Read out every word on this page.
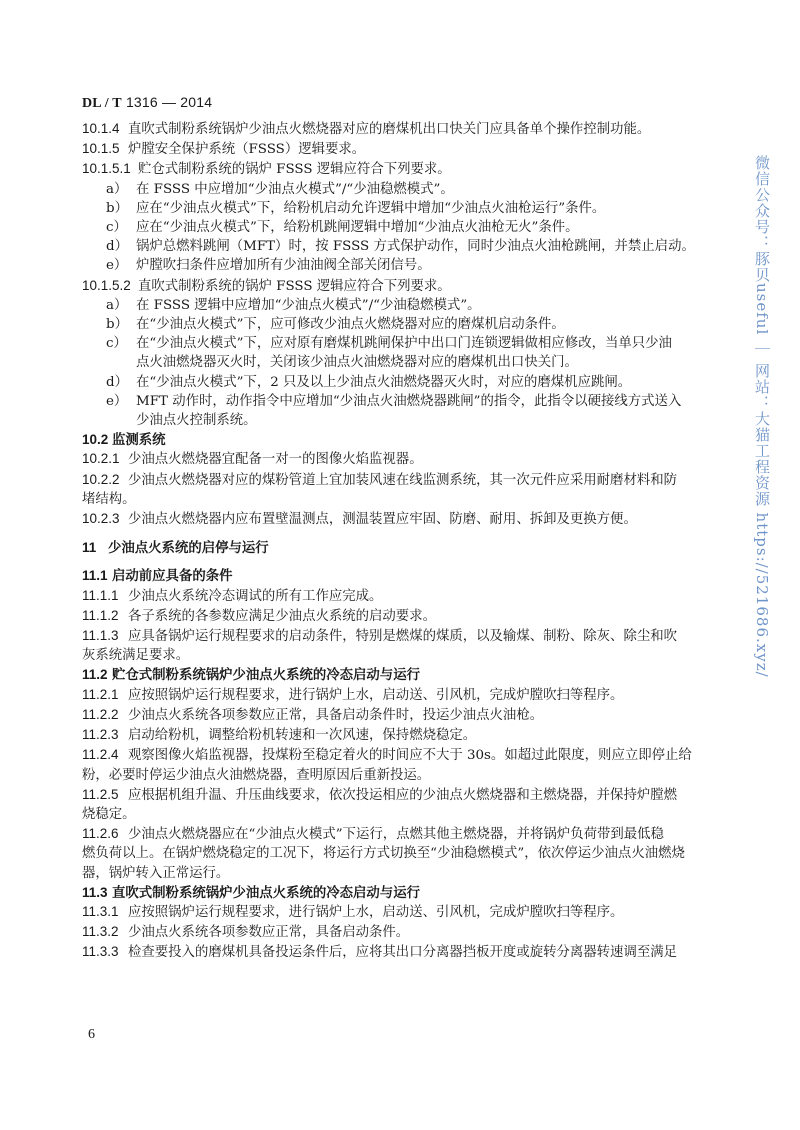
DL / T 1316 — 2014
10.1.4 直吹式制粉系统锅炉少油点火燃烧器对应的磨煤机出口快关门应具备单个操作控制功能。
10.1.5 炉膛安全保护系统（FSSS）逻辑要求。
10.1.5.1 贮仓式制粉系统的锅炉 FSSS 逻辑应符合下列要求。
a） 在 FSSS 中应增加“少油点火模式”/“少油稳燃模式”。
b） 应在“少油点火模式”下，给粉机启动允许逻辑中增加“少油点火油枪运行”条件。
c） 应在“少油点火模式”下，给粉机跳闸逻辑中增加“少油点火油枪无火”条件。
d） 锅炉总燃料跳闸（MFT）时，按 FSSS 方式保护动作，同时少油点火油枪跳闸，并禁止启动。
e） 炉膛吹扫条件应增加所有少油油阀全部关闭信号。
10.1.5.2 直吹式制粉系统的锅炉 FSSS 逻辑应符合下列要求。
a） 在 FSSS 逻辑中应增加“少油点火模式”/“少油稳燃模式”。
b） 在“少油点火模式”下，应可修改少油点火燃烧器对应的磨煤机启动条件。
c） 在“少油点火模式”下，应对原有磨煤机跳闸保护中出口门连锁逻辑做相应修改，当单只少油
点火油燃烧器灭火时，关闭该少油点火油燃烧器对应的磨煤机出口快关门。
d） 在“少油点火模式”下，2 只及以上少油点火油燃烧器灭火时，对应的磨煤机应跳闸。
e） MFT 动作时，动作指令中应增加“少油点火油燃烧器跳闸”的指令，此指令以硬接线方式送入
少油点火控制系统。
10.2 监测系统
10.2.1 少油点火燃烧器宜配备一对一的图像火焰监视器。
10.2.2 少油点火燃烧器对应的煤粉管道上宜加装风速在线监测系统，其一次元件应采用耐磨材料和防
堵结构。
10.2.3 少油点火燃烧器内应布置壁温测点，测温装置应牢固、防磨、耐用、拆卸及更换方便。
11 少油点火系统的启停与运行
11.1 启动前应具备的条件
11.1.1 少油点火系统冷态调试的所有工作应完成。
11.1.2 各子系统的各参数应满足少油点火系统的启动要求。
11.1.3 应具备锅炉运行规程要求的启动条件，特别是燃煤的煤质，以及输煤、制粉、除灰、除尘和吹
灰系统满足要求。
11.2 贮仓式制粉系统锅炉少油点火系统的冷态启动与运行
11.2.1 应按照锅炉运行规程要求，进行锅炉上水，启动送、引风机，完成炉膛吹扫等程序。
11.2.2 少油点火系统各项参数应正常，具备启动条件时，投运少油点火油枪。
11.2.3 启动给粉机，调整给粉机转速和一次风速，保持燃烧稳定。
11.2.4 观察图像火焰监视器，投煤粉至稳定着火的时间应不大于 30s。如超过此限度，则应立即停止给
粉，必要时停运少油点火油燃烧器，查明原因后重新投运。
11.2.5 应根据机组升温、升压曲线要求，依次投运相应的少油点火燃烧器和主燃烧器，并保持炉膛燃
烧稳定。
11.2.6 少油点火燃烧器应在“少油点火模式”下运行，点燃其他主燃烧器，并将锅炉负荷带到最低稳
燃负荷以上。在锅炉燃烧稳定的工况下，将运行方式切换至“少油稳燃模式”，依次停运少油点火油燃烧
器，锅炉转入正常运行。
11.3 直吹式制粉系统锅炉少油点火系统的冷态启动与运行
11.3.1 应按照锅炉运行规程要求，进行锅炉上水，启动送、引风机，完成炉膛吹扫等程序。
11.3.2 少油点火系统各项参数应正常，具备启动条件。
11.3.3 检查要投入的磨煤机具备投运条件后，应将其出口分离器挡板开度或旋转分离器转速调至满足
6
微信公众号：豚贝useful ｜ 网站：大猫工程资源 https://521686.xyz/
